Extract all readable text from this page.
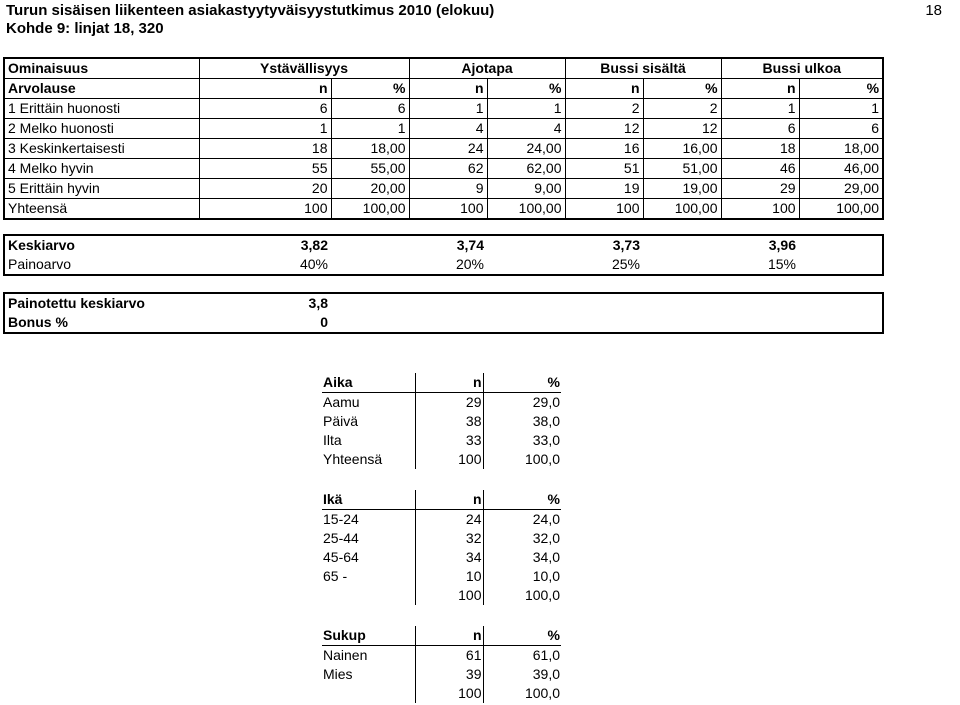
Turun sisäisen liikenteen asiakastyytyväisyystutkimus 2010 (elokuu)
Kohde 9: linjat 18, 320
18
Ominaisuus	Ystävällisyys		Ajotapa		Bussi sisältä		Bussi ulkoa	
Arvolause	n	%	n	%	n	%	n	%
1 Erittäin huonosti	6	6	1	1	2	2	1	1
2 Melko huonosti	1	1	4	4	12	12	6	6
3 Keskinkertaisesti	18	18,00	24	24,00	16	16,00	18	18,00
4 Melko hyvin	55	55,00	62	62,00	51	51,00	46	46,00
5 Erittäin hyvin	20	20,00	9	9,00	19	19,00	29	29,00
Yhteensä	100	100,00	100	100,00	100	100,00	100	100,00
Keskiarvo	3,82		3,74		3,73		3,96	
Painoarvo	40%		20%		25%		15%	
Painotettu keskiarvo	3,8	
Bonus %	0	
Aika	n	%
Aamu	29	29,0
Päivä	38	38,0
Ilta	33	33,0
Yhteensä	100	100,0
Ikä	n	%
15-24	24	24,0
25-44	32	32,0
45-64	34	34,0
65 -	10	10,0
	100	100,0
Sukup	n	%
Nainen	61	61,0
Mies	39	39,0
	100	100,0
